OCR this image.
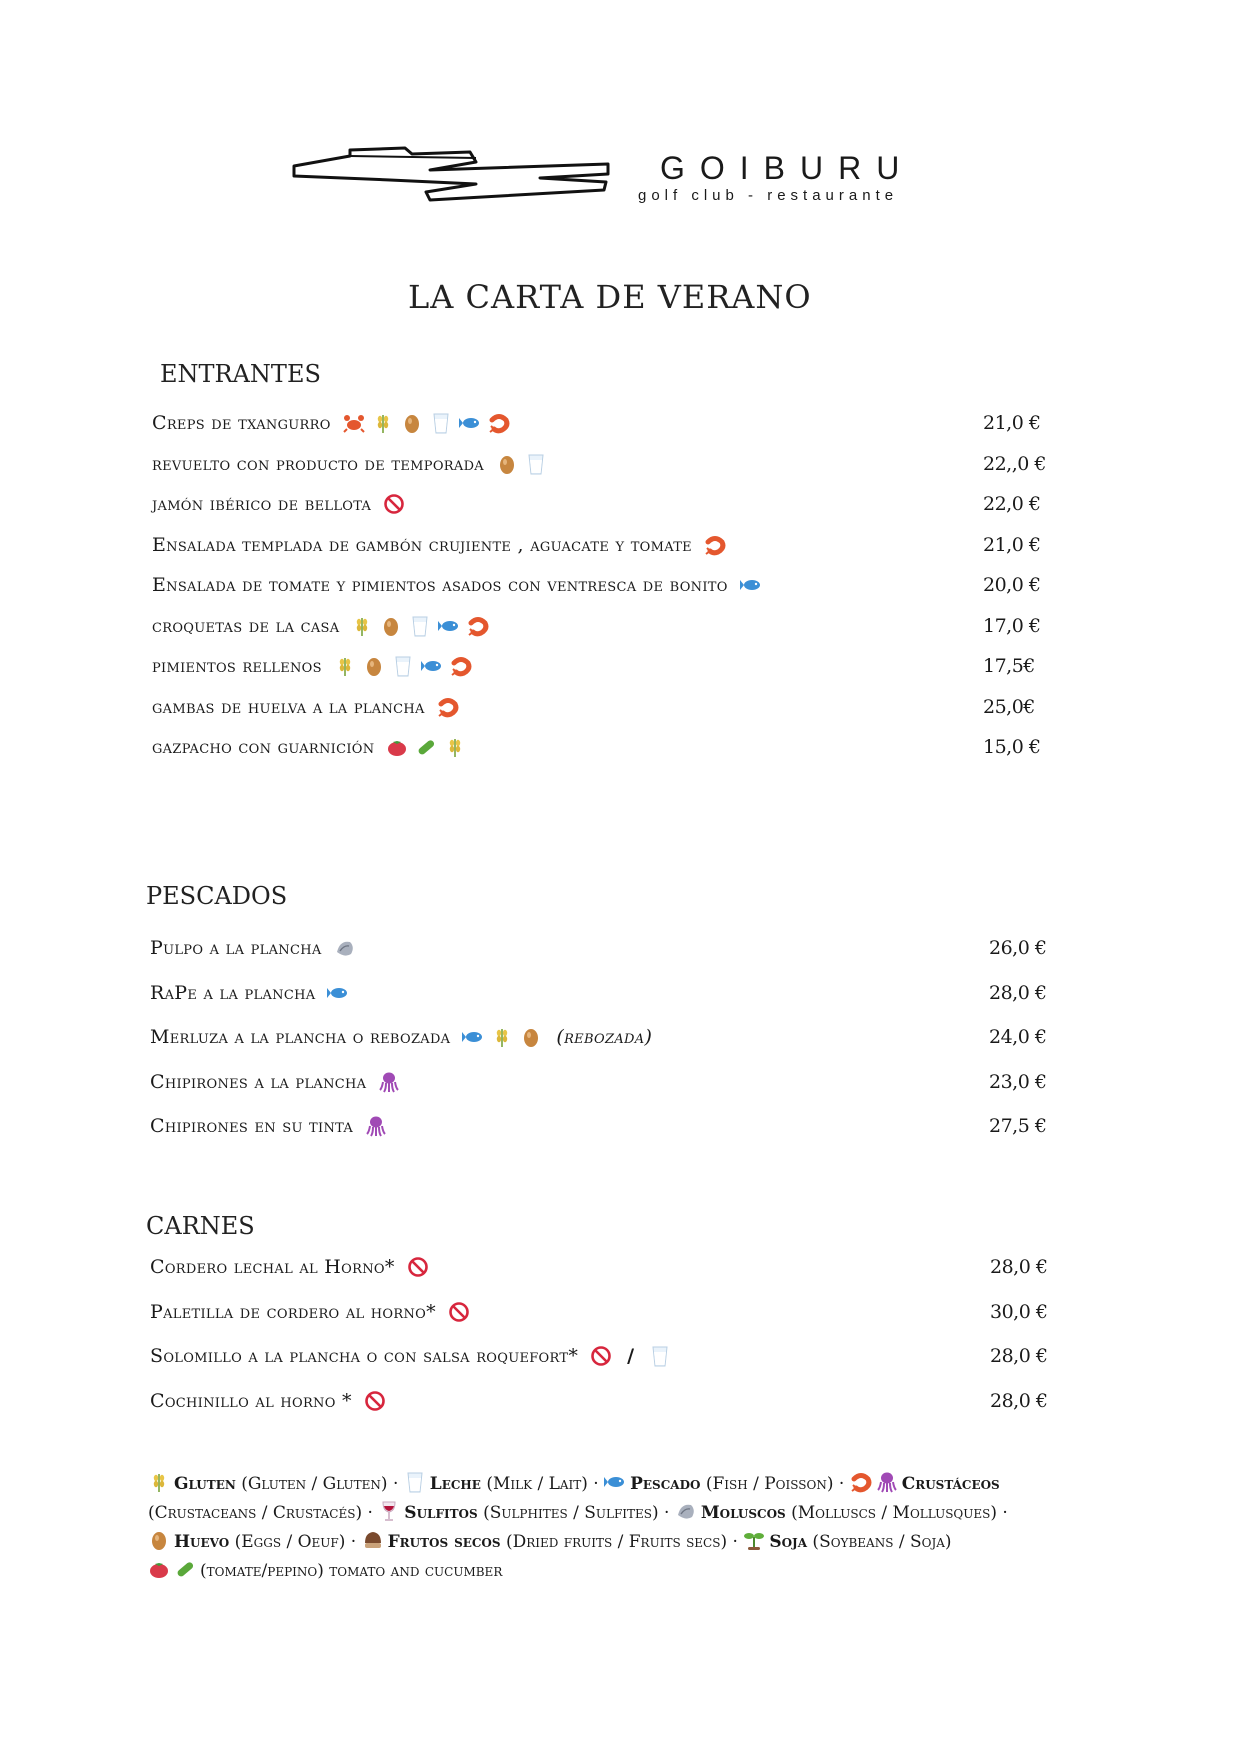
GOIBURU
golf club - restaurante
LA CARTA DE VERANO
ENTRANTES
PESCADOS
CARNES
Creps de txangurro	21,0 €
revuelto con producto de temporada	22,,0 €
jamón ibérico de bellota	22,0 €
Ensalada templada de gambón crujiente , aguacate y tomate	21,0 €
Ensalada de tomate y pimientos asados con ventresca de bonito	20,0 €
croquetas de la casa	17,0 €
pimientos rellenos	17,5€
gambas de huelva a la plancha	25,0€
gazpacho con guarnición	15,0 €
Pulpo a la plancha	26,0 €
RaPe a la plancha	28,0 €
Merluza a la plancha o rebozada	(rebozada)	24,0 €
Chipirones a la plancha	23,0 €
Chipirones en su tinta	27,5 €
Cordero lechal al Horno*	28,0 €
Paletilla de cordero al horno*	30,0 €
Solomillo a la plancha o con salsa roquefort*	/	28,0 €
Cochinillo al horno *	28,0 €
Gluten (Gluten / Gluten) ·
Leche (Milk / Lait) ·
Pescado (Fish / Poisson) ·	Crustáceos
(Crustaceans / Crustacés) ·
Sulfitos (Sulphites / Sulfites) ·
Moluscos (Molluscs / Mollusques) ·
Huevo (Eggs / Oeuf) ·
Frutos secos (Dried fruits / Fruits secs) ·
Soja (Soybeans / Soja)
(tomate/pepino) tomato and cucumber
